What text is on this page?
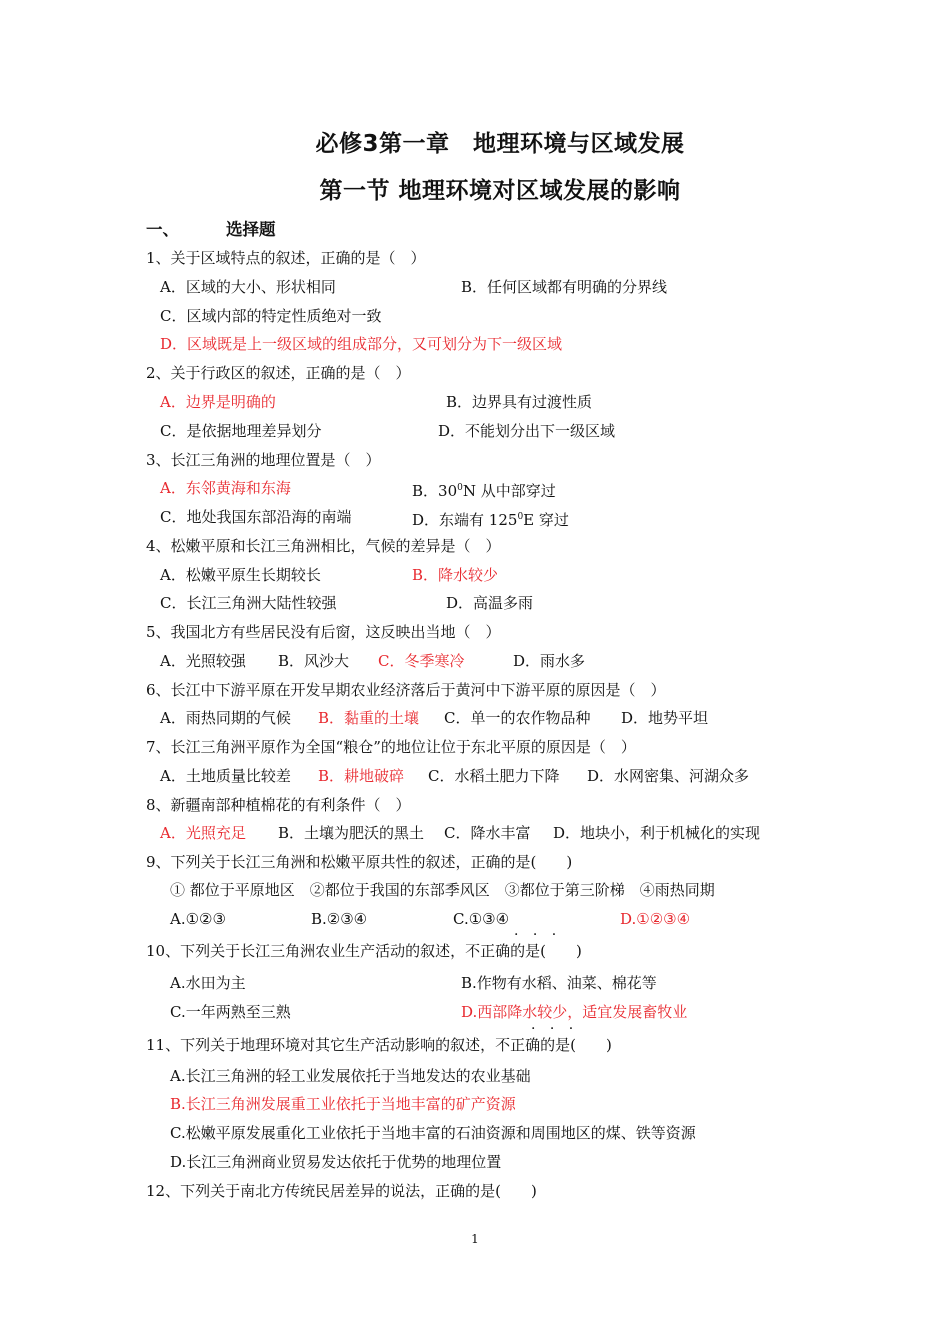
必修3第一章　地理环境与区域发展
第一节 地理环境对区域发展的影响
一、	选择题
1、关于区域特点的叙述，正确的是（　）
A．区域的大小、形状相同	B．任何区域都有明确的分界线
C．区域内部的特定性质绝对一致
D．区域既是上一级区域的组成部分，又可划分为下一级区域
2、关于行政区的叙述，正确的是（　）
A．边界是明确的	B．边界具有过渡性质
C．是依据地理差异划分	D．不能划分出下一级区域
3、长江三角洲的地理位置是（　）
A．东邻黄海和东海	B．$30^0N$ 从中部穿过
C．地处我国东部沿海的南端	D．东端有 $125^0E$ 穿过
4、松嫩平原和长江三角洲相比，气候的差异是（　）
A．松嫩平原生长期较长	B．降水较少
C．长江三角洲大陆性较强	D．高温多雨
5、我国北方有些居民没有后窗，这反映出当地（　）
A．光照较强 B．风沙大 C．冬季寒冷	D．雨水多
6、长江中下游平原在开发早期农业经济落后于黄河中下游平原的原因是（　）
A．雨热同期的气候 B．黏重的土壤 C．单一的农作物品种 D．地势平坦
7、长江三角洲平原作为全国“粮仓”的地位让位于东北平原的原因是（　）
A．土地质量比较差 B．耕地破碎 C．水稻土肥力下降 D．水网密集、河湖众多
8、新疆南部种植棉花的有利条件（　）
A．光照充足 B．土壤为肥沃的黑土 C．降水丰富 D．地块小，利于机械化的实现
9、下列关于长江三角洲和松嫩平原共性的叙述，正确的是(　　)
① 都位于平原地区　②都位于我国的东部季风区　③都位于第三阶梯　④雨热同期
A.①②③	B.②③④	C.①③④	D.①②③④
· · ·
10、下列关于长江三角洲农业生产活动的叙述，不正确的是(　　)
A.水田为主	B.作物有水稻、油菜、棉花等
C.一年两熟至三熟	D.西部降水较少，适宜发展畜牧业
· · ·
11、下列关于地理环境对其它生产活动影响的叙述，不正确的是(　　)
A.长江三角洲的轻工业发展依托于当地发达的农业基础
B.长江三角洲发展重工业依托于当地丰富的矿产资源
C.松嫩平原发展重化工业依托于当地丰富的石油资源和周围地区的煤、铁等资源
D.长江三角洲商业贸易发达依托于优势的地理位置
12、下列关于南北方传统民居差异的说法，正确的是(　　)
1
